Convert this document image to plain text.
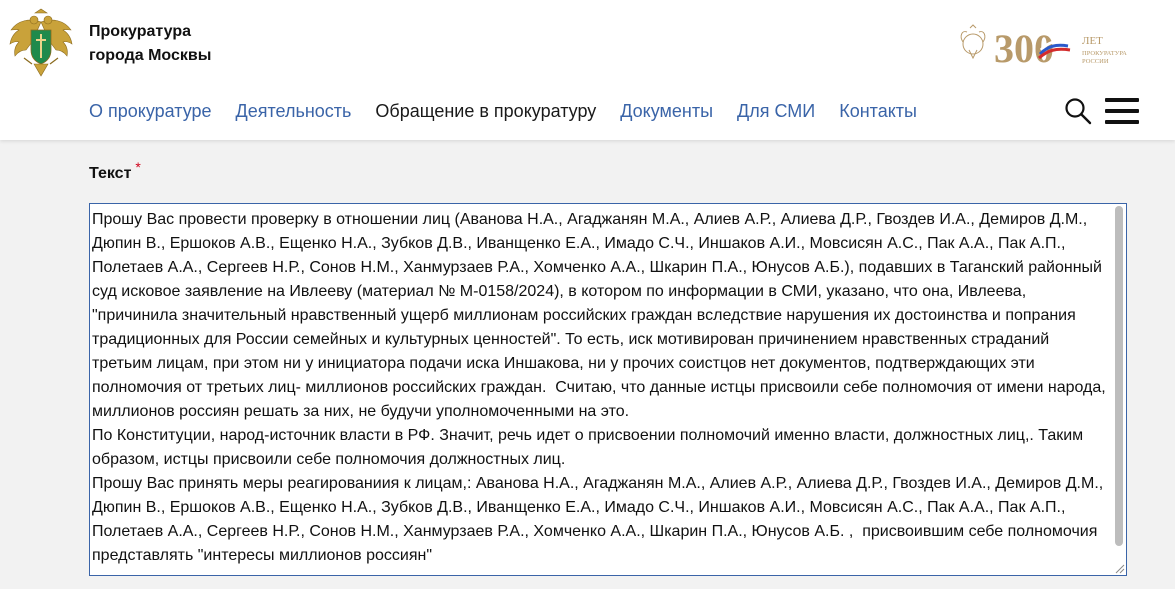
Прокуратура
города Москвы	300	ЛЕТ
ПРОКУРАТУРА
РОССИИ
О прокуратуре Деятельность Обращение в прокуратуру Документы Для СМИ Контакты
Текст *
Прошу Вас провести проверку в отношении лиц (Аванова Н.А., Агаджанян М.А., Алиев А.Р., Алиева Д.Р., Гвоздев И.А., Демиров Д.М., Дюпин В., Ершоков А.В., Ещенко Н.А., Зубков Д.В., Иванщенко Е.А., Имадо С.Ч., Иншаков А.И., Мовсисян А.С., Пак А.А., Пак А.П., Полетаев А.А., Сергеев Н.Р., Сонов Н.М., Ханмурзаев Р.А., Хомченко А.А., Шкарин П.А., Юнусов А.Б.), подавших в Таганский районный суд исковое заявление на Ивлееву (материал № М-0158/2024), в котором по информации в СМИ, указано, что она, Ивлеева, "причинила значительный нравственный ущерб миллионам российских граждан вследствие нарушения их достоинства и попрания традиционных для России семейных и культурных ценностей". То есть, иск мотивирован причинением нравственных страданий третьим лицам, при этом ни у инициатора подачи иска Иншакова, ни у прочих соистцов нет документов, подтверждающих эти полномочия от третьих лиц- миллионов российских граждан.  Считаю, что данные истцы присвоили себе полномочия от имени народа, миллионов россиян решать за них, не будучи уполномоченными на это.
По Конституции, народ-источник власти в РФ. Значит, речь идет о присвоении полномочий именно власти, должностных лиц,. Таким образом, истцы присвоили себе полномочия должностных лиц.
Прошу Вас принять меры реагированиия к лицам,: Аванова Н.А., Агаджанян М.А., Алиев А.Р., Алиева Д.Р., Гвоздев И.А., Демиров Д.М., Дюпин В., Ершоков А.В., Ещенко Н.А., Зубков Д.В., Иванщенко Е.А., Имадо С.Ч., Иншаков А.И., Мовсисян А.С., Пак А.А., Пак А.П., Полетаев А.А., Сергеев Н.Р., Сонов Н.М., Ханмурзаев Р.А., Хомченко А.А., Шкарин П.А., Юнусов А.Б. ,  присвоившим себе полномочия представлять "интересы миллионов россиян"
